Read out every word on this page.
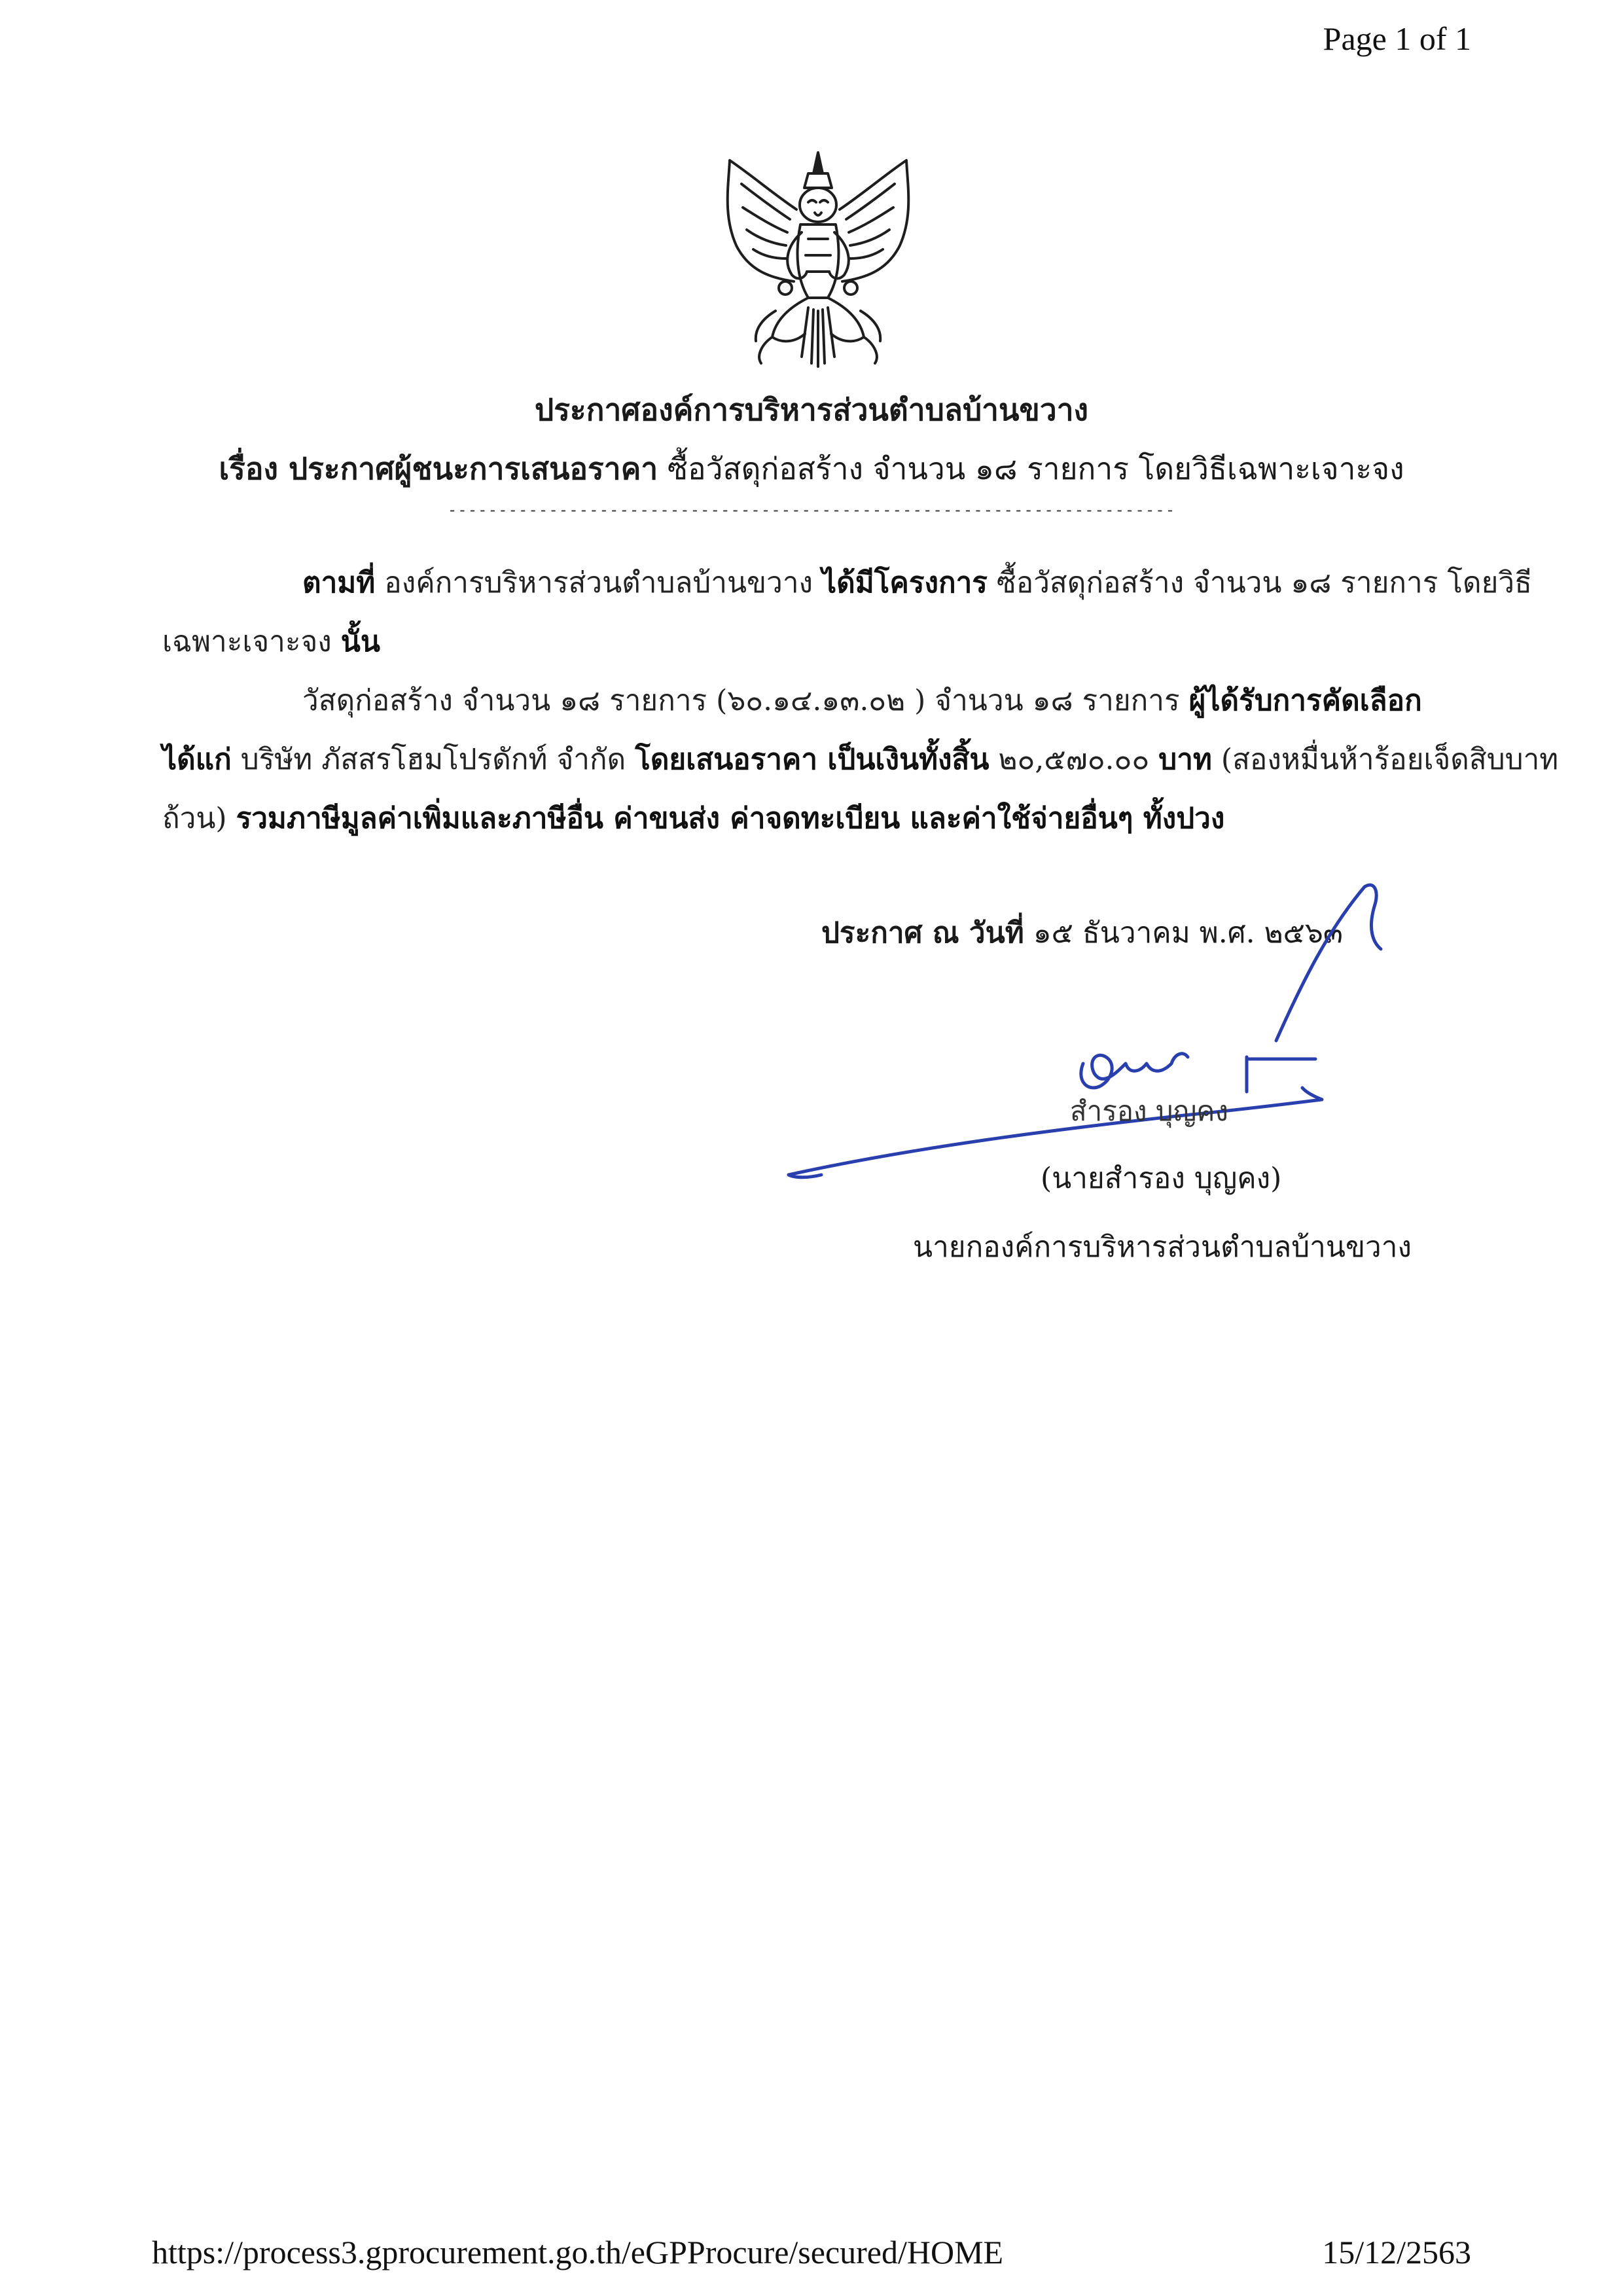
Page 1 of 1
ประกาศองค์การบริหารส่วนตำบลบ้านขวาง
เรื่อง ประกาศผู้ชนะการเสนอราคา ซื้อวัสดุก่อสร้าง จำนวน ๑๘ รายการ โดยวิธีเฉพาะเจาะจง
------------------------------------------------------------------------
ตามที่ องค์การบริหารส่วนตำบลบ้านขวาง ได้มีโครงการ ซื้อวัสดุก่อสร้าง จำนวน ๑๘ รายการ โดยวิธี
เฉพาะเจาะจง นั้น
วัสดุก่อสร้าง จำนวน ๑๘ รายการ (๖๐.๑๔.๑๓.๐๒ ) จำนวน ๑๘ รายการ ผู้ได้รับการคัดเลือก
ได้แก่ บริษัท ภัสสรโฮมโปรดักท์ จำกัด โดยเสนอราคา เป็นเงินทั้งสิ้น ๒๐,๕๗๐.๐๐ บาท (สองหมื่นห้าร้อยเจ็ดสิบบาท
ถ้วน) รวมภาษีมูลค่าเพิ่มและภาษีอื่น ค่าขนส่ง ค่าจดทะเบียน และค่าใช้จ่ายอื่นๆ ทั้งปวง
ประกาศ ณ วันที่ ๑๕ ธันวาคม พ.ศ. ๒๕๖๓
สำรอง บุญคง
(นายสำรอง บุญคง)
นายกองค์การบริหารส่วนตำบลบ้านขวาง
https://process3.gprocurement.go.th/eGPProcure/secured/HOME	15/12/2563
